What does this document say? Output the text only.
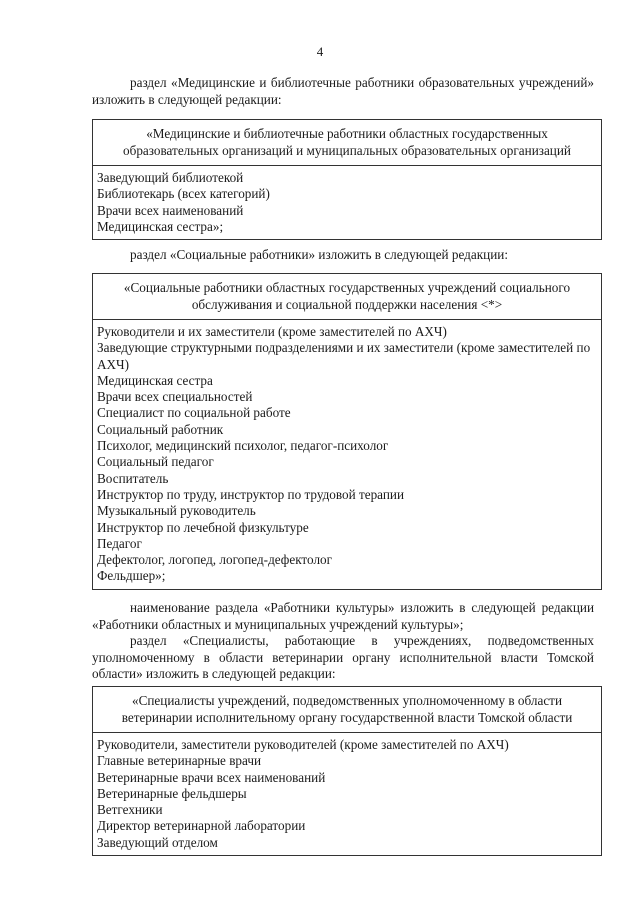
4
раздел «Медицинские и библиотечные работники образовательных учреждений» изложить в следующей редакции:
«Медицинские и библиотечные работники областных государственных образовательных организаций и муниципальных образовательных организаций
Заведующий библиотекой
Библиотекарь (всех категорий)
Врачи всех наименований
Медицинская сестра»;
раздел «Социальные работники» изложить в следующей редакции:
«Социальные работники областных государственных учреждений социального обслуживания и социальной поддержки населения <*>
Руководители и их заместители (кроме заместителей по АХЧ)
Заведующие структурными подразделениями и их заместители (кроме заместителей по АХЧ)
Медицинская сестра
Врачи всех специальностей
Специалист по социальной работе
Социальный работник
Психолог, медицинский психолог, педагог-психолог
Социальный педагог
Воспитатель
Инструктор по труду, инструктор по трудовой терапии
Музыкальный руководитель
Инструктор по лечебной физкультуре
Педагог
Дефектолог, логопед, логопед-дефектолог
Фельдшер»;
наименование раздела «Работники культуры» изложить в следующей редакции «Работники областных и муниципальных учреждений культуры»;
раздел «Специалисты, работающие в учреждениях, подведомственных уполномоченному в области ветеринарии органу исполнительной власти Томской области» изложить в следующей редакции:
«Специалисты учреждений, подведомственных уполномоченному в области ветеринарии исполнительному органу государственной власти Томской области
Руководители, заместители руководителей (кроме заместителей по АХЧ)
Главные ветеринарные врачи
Ветеринарные врачи всех наименований
Ветеринарные фельдшеры
Ветгехники
Директор ветеринарной лаборатории
Заведующий отделом
